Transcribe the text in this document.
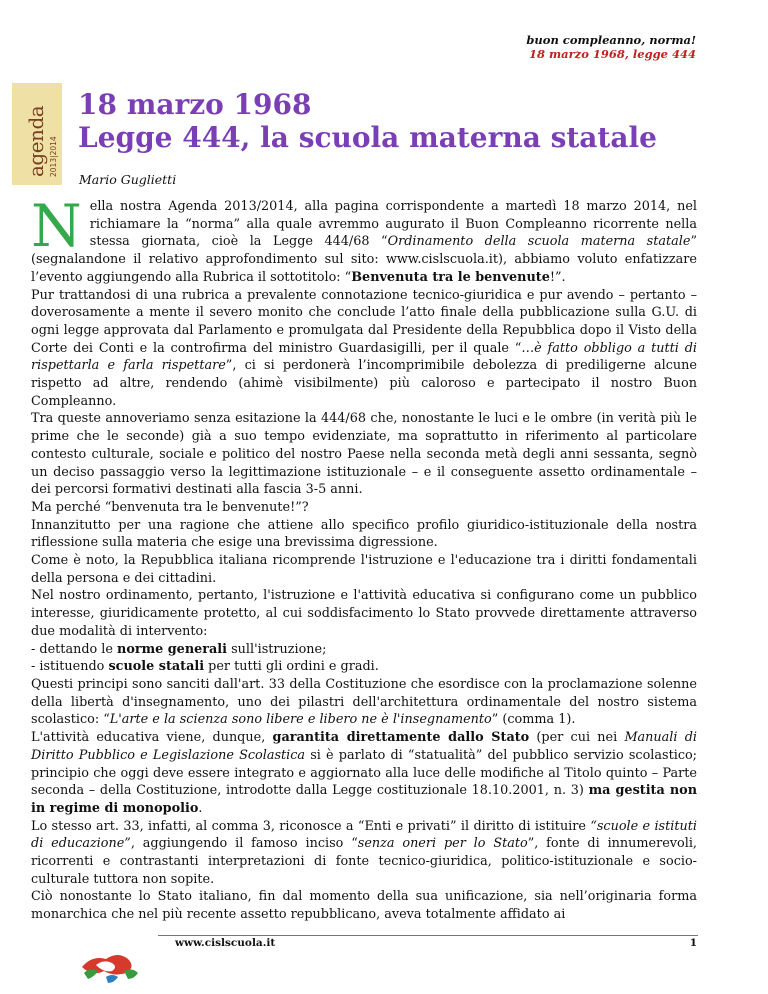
buon compleanno, norma!
18 marzo 1968, legge 444
agenda 2013|2014
18 marzo 1968
Legge 444, la scuola materna statale
Mario Guglietti

Nella nostra Agenda 2013/2014, alla pagina corrispondente a martedì 18 marzo 2014, nel richiamare la “norma” alla quale avremmo augurato il Buon Compleanno ricorrente nella stessa giornata, cioè la Legge 444/68 “Ordinamento della scuola materna statale” (segnalandone il relativo approfondimento sul sito: www.cislscuola.it), abbiamo voluto enfatizzare l’evento aggiungendo alla Rubrica il sottotitolo: “Benvenuta tra le benvenute!”.

Pur trattandosi di una rubrica a prevalente connotazione tecnico-giuridica e pur avendo – pertanto – doverosamente a mente il severo monito che conclude l’atto finale della pubblicazione sulla G.U. di ogni legge approvata dal Parlamento e promulgata dal Presidente della Repubblica dopo il Visto della Corte dei Conti e la controfirma del ministro Guardasigilli, per il quale “…è fatto obbligo a tutti di rispettarla e farla rispettare”, ci si perdonerà l’incomprimibile debolezza di prediligerne alcune rispetto ad altre, rendendo (ahimè visibilmente) più caloroso e partecipato il nostro Buon Compleanno.

Tra queste annoveriamo senza esitazione la 444/68 che, nonostante le luci e le ombre (in verità più le prime che le seconde) già a suo tempo evidenziate, ma soprattutto in riferimento al particolare contesto culturale, sociale e politico del nostro Paese nella seconda metà degli anni sessanta, segnò un deciso passaggio verso la legittimazione istituzionale – e il conseguente assetto ordinamentale – dei percorsi formativi destinati alla fascia 3-5 anni.

Ma perché “benvenuta tra le benvenute!”?

Innanzitutto per una ragione che attiene allo specifico profilo giuridico-istituzionale della nostra riflessione sulla materia che esige una brevissima digressione.

Come è noto, la Repubblica italiana ricomprende l'istruzione e l'educazione tra i diritti fondamentali della persona e dei cittadini.

Nel nostro ordinamento, pertanto, l'istruzione e l'attività educativa si configurano come un pubblico interesse, giuridicamente protetto, al cui soddisfacimento lo Stato provvede direttamente attraverso due modalità di intervento:

- dettando le norme generali sull'istruzione;

- istituendo scuole statali per tutti gli ordini e gradi.

Questi principi sono sanciti dall'art. 33 della Costituzione che esordisce con la proclamazione solenne della libertà d'insegnamento, uno dei pilastri dell'architettura ordinamentale del nostro sistema scolastico: “L'arte e la scienza sono libere e libero ne è l'insegnamento” (comma 1).

L'attività educativa viene, dunque, garantita direttamente dallo Stato (per cui nei Manuali di Diritto Pubblico e Legislazione Scolastica si è parlato di “statualità” del pubblico servizio scolastico; principio che oggi deve essere integrato e aggiornato alla luce delle modifiche al Titolo quinto – Parte seconda – della Costituzione, introdotte dalla Legge costituzionale 18.10.2001, n. 3) ma gestita non in regime di monopolio.

Lo stesso art. 33, infatti, al comma 3, riconosce a “Enti e privati” il diritto di istituire “scuole e istituti di educazione”, aggiungendo il famoso inciso “senza oneri per lo Stato”, fonte di innumerevoli, ricorrenti e contrastanti interpretazioni di fonte tecnico-giuridica, politico-istituzionale e socio-culturale tuttora non sopite.

Ciò nonostante lo Stato italiano, fin dal momento della sua unificazione, sia nell’originaria forma monarchica che nel più recente assetto repubblicano, aveva totalmente affidato ai

www.cislscuola.it	1
